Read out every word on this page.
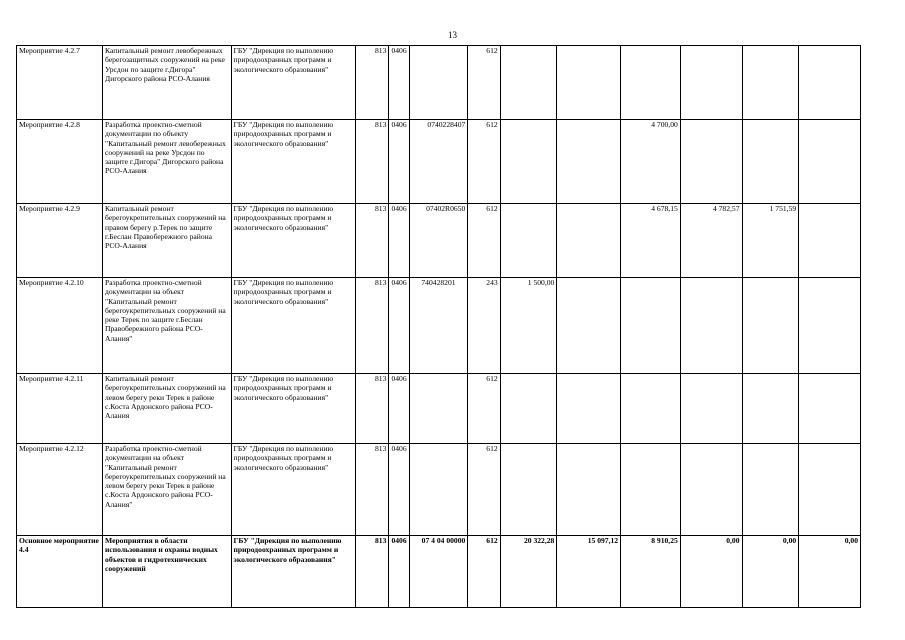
13
Мероприятие 4.2.7	Капитальный ремонт левобережных берегозащитных сооружений на реке Урсдон по защите г.Дигора" Дигорского района РСО-Алания	ГБУ "Дирекция по выполению природоохранных программ и экологического образования"	813	0406		612						
Мероприятие 4.2.8	Разработка проектно-сметной документации по объекту "Капитальный ремонт левобережных сооружений на реке Урсдон по защите г.Дигора" Дигорского района РСО-Алания	ГБУ "Дирекция по выполению природоохранных программ и экологического образования"	813	0406	0740228407	612			4 700,00			
Мероприятие 4.2.9	Капитальный ремонт берегоукрепительных сооружений на правом берегу р.Терек по защите г.Беслан Правобережного района РСО-Алания	ГБУ "Дирекция по выполению природоохранных программ и экологического образования"	813	0406	07402R0650	612			4 678,15	4 782,57	1 751,59	
Мероприятие 4.2.10	Разработка проектно-сметной документации на объект "Капитальный ремонт берегоукрепительных сооружений на реке Терек по защите г.Беслан Правобережного района РСО-Алания"	ГБУ "Дирекция по выполению природоохранных программ и экологического образования"	813	0406	740428201	243	1 500,00					
Мероприятие 4.2.11	Капитальный ремонт берегоукрепительных сооружений на левом берегу реки Терек в районе с.Коста Ардонского района РСО-Алания	ГБУ "Дирекция по выполению природоохранных программ и экологического образования"	813	0406		612						
Мероприятие 4.2.12	Разработка проектно-сметной документации на объект "Капитальный ремонт берегоукрепительных сооружений на левом берегу реки Терек в районе с.Коста Ардонского района РСО-Алания"	ГБУ "Дирекция по выполению природоохранных программ и экологического образования"	813	0406		612						
Основное мероприятие 4.4	Мероприятия в области использования и охраны водных объектов и гидротехнических сооружений	ГБУ "Дирекция по выполению природоохранных программ и экологического образования"	813	0406	07 4 04 00000	612	20 322,28	15 097,12	8 910,25	0,00	0,00	0,00
